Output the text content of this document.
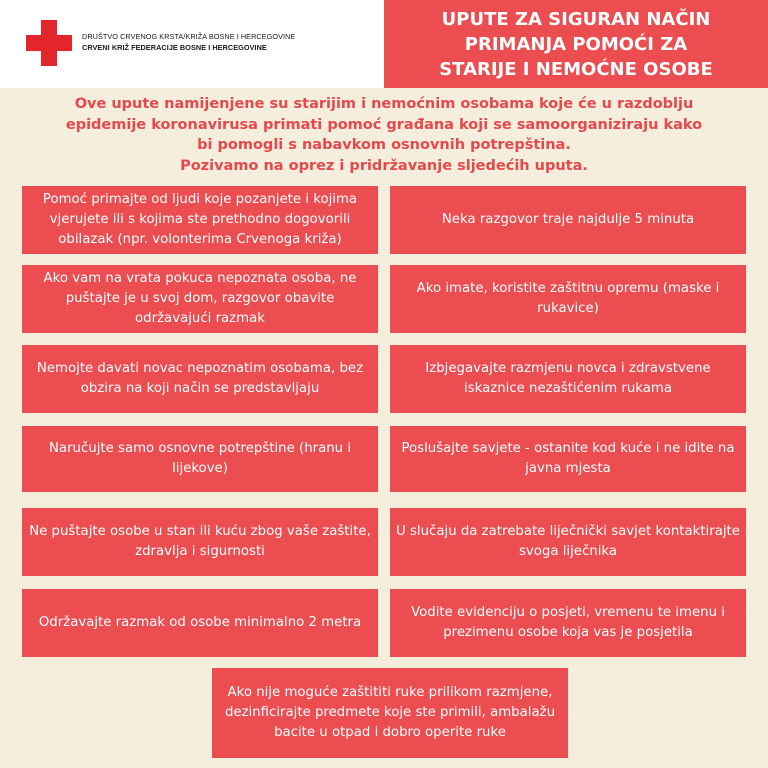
DRUŠTVO CRVENOG KRSTA/KRIŽA BOSNE I HERCEGOVINE
CRVENI KRIŽ FEDERACIJE BOSNE I HERCEGOVINE
UPUTE ZA SIGURAN NAČIN PRIMANJA POMOĆI ZA STARIJE I NEMOĆNE OSOBE
Ove upute namijenjene su starijim i nemoćnim osobama koje će u razdoblju epidemije koronavirusa primati pomoć građana koji se samoorganiziraju kako bi pomogli s nabavkom osnovnih potrepština.
Pozivamo na oprez i pridržavanje sljedećih uputa.
Pomoć primajte od ljudi koje pozanjete i kojima vjerujete ili s kojima ste prethodno dogovorili obilazak (npr. volonterima Crvenoga križa)
Neka razgovor traje najdulje 5 minuta
Ako vam na vrata pokuca nepoznata osoba, ne puštajte je u svoj dom, razgovor obavite održavajući razmak
Ako imate, koristite zaštitnu opremu (maske i rukavice)
Nemojte davati novac nepoznatim osobama, bez obzira na koji način se predstavljaju
Izbjegavajte razmjenu novca i zdravstvene iskaznice nezaštićenim rukama
Naručujte samo osnovne potrepštine (hranu i lijekove)
Poslušajte savjete - ostanite kod kuće i ne idite na javna mjesta
Ne puštajte osobe u stan ili kuću zbog vaše zaštite, zdravlja i sigurnosti
U slučaju da zatrebate liječnički savjet kontaktirajte svoga liječnika
Održavajte razmak od osobe minimalno 2 metra
Vodite evidenciju o posjeti, vremenu te imenu i prezimenu osobe koja vas je posjetila
Ako nije moguće zaštititi ruke prilikom razmjene, dezinficirajte predmete koje ste primili, ambalažu bacite u otpad i dobro operite ruke
